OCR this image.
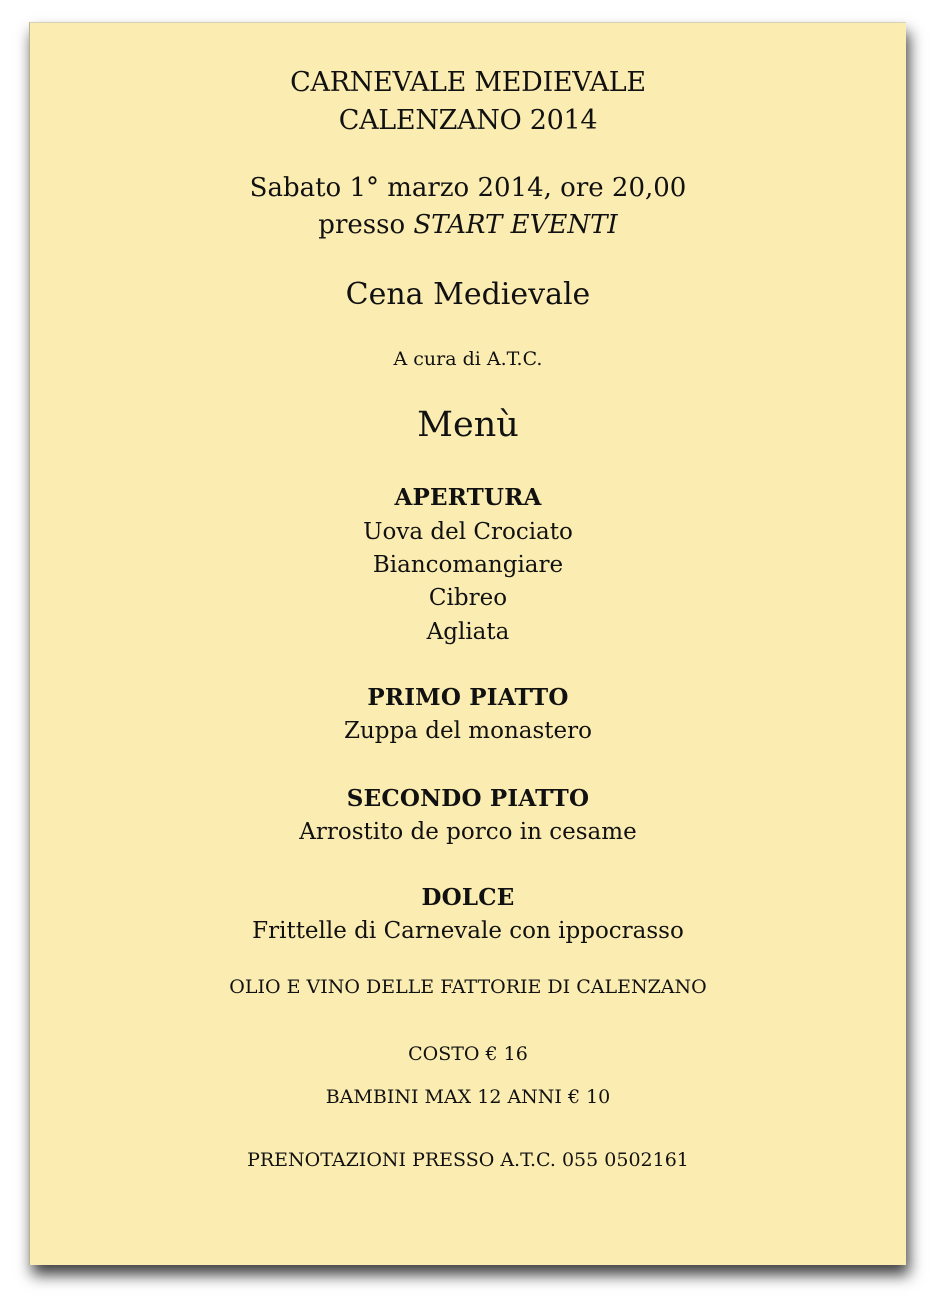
CARNEVALE MEDIEVALE
CALENZANO 2014
Sabato 1° marzo 2014, ore 20,00
presso START EVENTI
Cena Medievale
A cura di A.T.C.
Menù
APERTURA
Uova del Crociato
Biancomangiare
Cibreo
Agliata
PRIMO PIATTO
Zuppa del monastero
SECONDO PIATTO
Arrostito de porco in cesame
DOLCE
Frittelle di Carnevale con ippocrasso
OLIO E VINO DELLE FATTORIE DI CALENZANO
COSTO € 16
BAMBINI MAX 12 ANNI € 10
PRENOTAZIONI PRESSO A.T.C. 055 0502161
